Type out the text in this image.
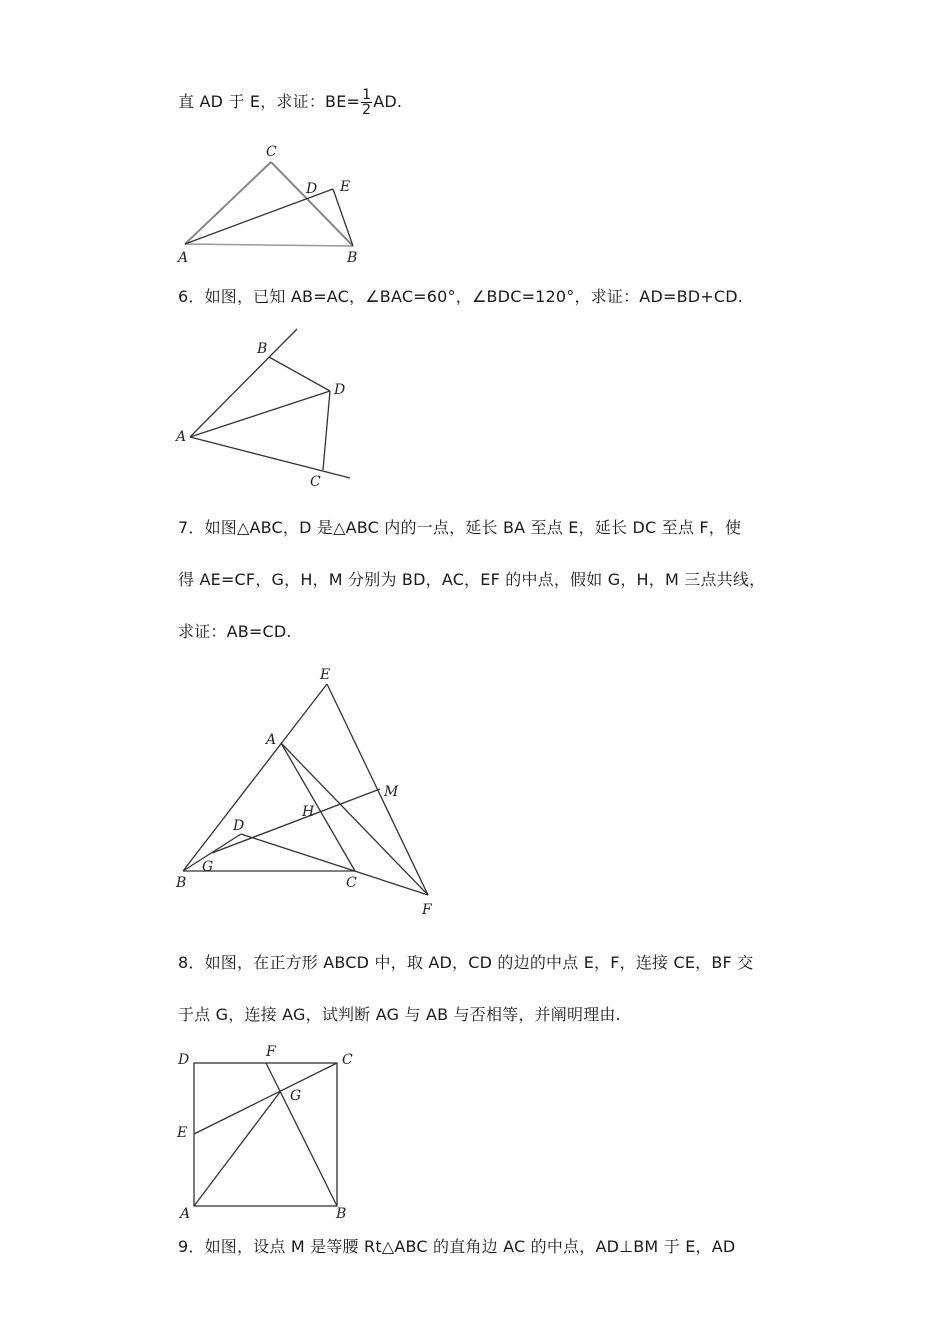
直 AD 于 E，求证：$BE= \frac{1}{2}$ AD.
C
D E
A	B
6．如图，已知 AB=AC，∠BAC=60°，∠BDC=120°，求证：AD=BD+CD.
B
D
A
C
7．如图△ABC，D 是△ABC 内的一点，延长 BA 至点 E，延长 DC 至点 F，使
得 AE=CF，G，H，M 分别为 BD，AC，EF 的中点，假如 G，H，M 三点共线，
求证：AB=CD.
E
A
M
H
D
G
B	C
F
8．如图，在正方形 ABCD 中，取 AD，CD 的边的中点 E，F，连接 CE，BF 交
于点 G，连接 AG，试判断 AG 与 AB 与否相等，并阐明理由.
D	F	C
G
E
A	B
9．如图，设点 M 是等腰 Rt△ABC 的直角边 AC 的中点，AD⊥BM 于 E，AD
